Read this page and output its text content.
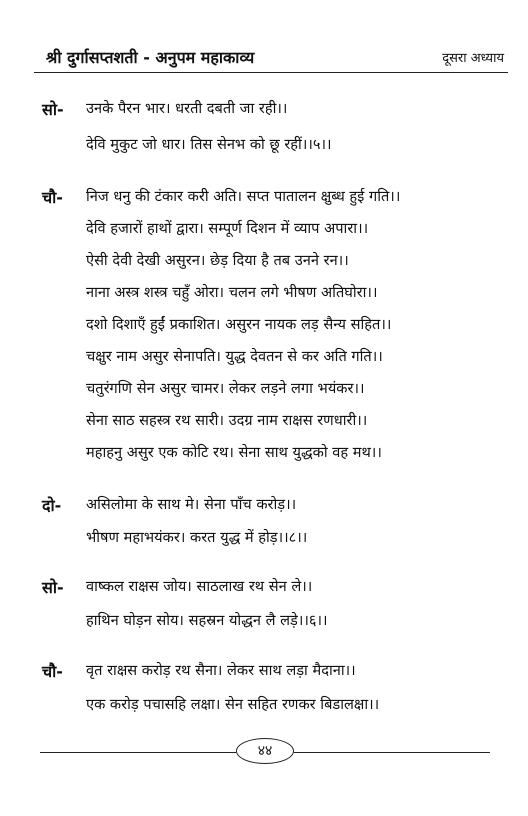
श्री दुर्गासप्तशती - अनुपम महाकाव्य	दूसरा अध्याय
सो- उनके पैरन भार। धरती दबती जा रही।।
देवि मुकुट जो धार। तिस सेनभ को छू रहीं।।५।।
चौ- निज धनु की टंकार करी अति। सप्त पातालन क्षुब्ध हुई गति।।
देवि हजारों हाथों द्वारा। सम्पूर्ण दिशन में व्याप अपारा।।
ऐसी देवी देखी असुरन। छेड़ दिया है तब उनने रन।।
नाना अस्त्र शस्त्र चहुँ ओरा। चलन लगे भीषण अतिघोरा।।
दशो दिशाएँ हुईं प्रकाशित। असुरन नायक लड़ सैन्य सहित।।
चक्षुर नाम असुर सेनापति। युद्ध देवतन से कर अति गति।।
चतुरंगणि सेन असुर चामर। लेकर लड़ने लगा भयंकर।।
सेना साठ सहस्त्र रथ सारी। उदग्र नाम राक्षस रणधारी।।
महाहनु असुर एक कोटि रथ। सेना साथ युद्धको वह मथ।।
दो- असिलोमा के साथ मे। सेना पाँच करोड़।।
भीषण महाभयंकर। करत युद्ध में होड़।।८।।
सो- वाष्कल राक्षस जोय। साठलाख रथ सेन ले।।
हाथिन घोड़न सोय। सहस्रन योद्धन लै लड़े।।६।।
चौ- वृत राक्षस करोड़ रथ सैना। लेकर साथ लड़ा मैदाना।।
एक करोड़ पचासहि लक्षा। सेन सहित रणकर बिडालक्षा।।
४४
